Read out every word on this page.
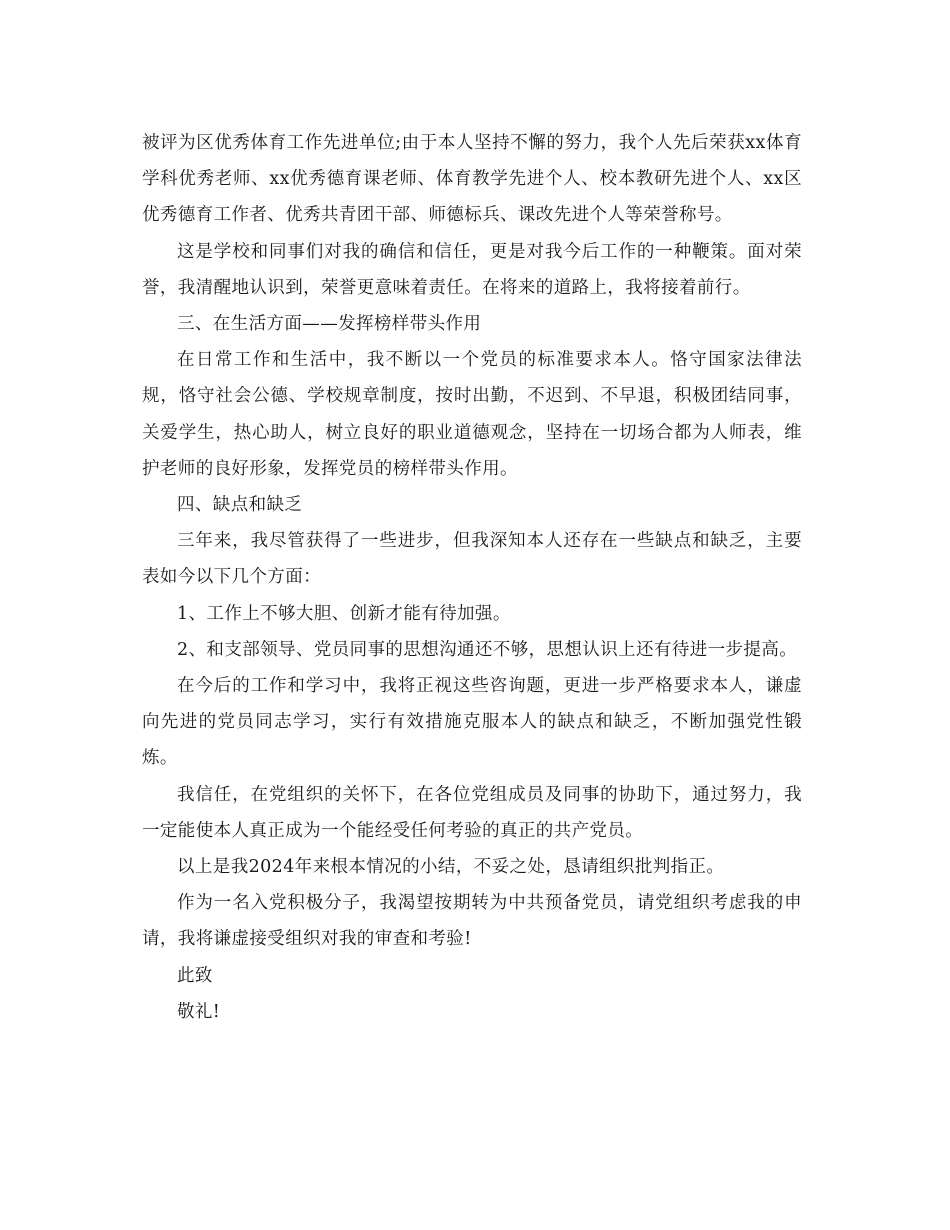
被评为区优秀体育工作先进单位;由于本人坚持不懈的努力，我个人先后荣获xx体育学科优秀老师、xx优秀德育课老师、体育教学先进个人、校本教研先进个人、xx区优秀德育工作者、优秀共青团干部、师德标兵、课改先进个人等荣誉称号。

这是学校和同事们对我的确信和信任，更是对我今后工作的一种鞭策。面对荣誉，我清醒地认识到，荣誉更意味着责任。在将来的道路上，我将接着前行。

三、在生活方面——发挥榜样带头作用

在日常工作和生活中，我不断以一个党员的标准要求本人。恪守国家法律法规，恪守社会公德、学校规章制度，按时出勤，不迟到、不早退，积极团结同事，关爱学生，热心助人，树立良好的职业道德观念，坚持在一切场合都为人师表，维护老师的良好形象，发挥党员的榜样带头作用。

四、缺点和缺乏

三年来，我尽管获得了一些进步，但我深知本人还存在一些缺点和缺乏，主要表如今以下几个方面：

1、工作上不够大胆、创新才能有待加强。

2、和支部领导、党员同事的思想沟通还不够，思想认识上还有待进一步提高。

在今后的工作和学习中，我将正视这些咨询题，更进一步严格要求本人，谦虚向先进的党员同志学习，实行有效措施克服本人的缺点和缺乏，不断加强党性锻炼。

我信任，在党组织的关怀下，在各位党组成员及同事的协助下，通过努力，我一定能使本人真正成为一个能经受任何考验的真正的共产党员。

以上是我2024年来根本情况的小结，不妥之处，恳请组织批判指正。

作为一名入党积极分子，我渴望按期转为中共预备党员，请党组织考虑我的申请，我将谦虚接受组织对我的审查和考验!

此致

敬礼!
